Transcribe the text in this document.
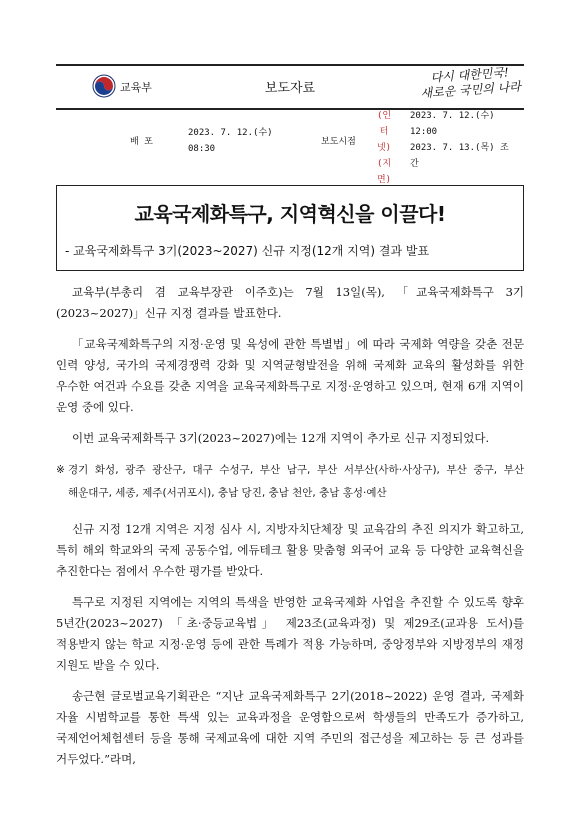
교육부	보도자료
다시 대한민국!
새로운 국민의 나라
배 포
2023. 7. 12.(수)
08:30
보도시점
(인 터
넷)
(지
면)
2023. 7. 12.(수)
12:00
2023. 7. 13.(목) 조
간
교육국제화특구, 지역혁신을 이끌다!
- 교육국제화특구 3기(2023~2027) 신규 지정(12개 지역) 결과 발표

교육부(부총리 겸 교육부장관 이주호)는 7월 13일(목), 「교육국제화특구 3기(2023~2027)」신규 지정 결과를 발표한다.

「교육국제화특구의 지정·운영 및 육성에 관한 특별법」에 따라 국제화 역량을 갖춘 전문 인력 양성, 국가의 국제경쟁력 강화 및 지역균형발전을 위해 국제화 교육의 활성화를 위한 우수한 여건과 수요를 갖춘 지역을 교육국제화특구로 지정·운영하고 있으며, 현재 6개 지역이 운영 중에 있다.

이번 교육국제화특구 3기(2023~2027)에는 12개 지역이 추가로 신규 지정되었다.

※ 경기 화성, 광주 광산구, 대구 수성구, 부산 남구, 부산 서부산(사하·사상구), 부산 중구, 부산 해운대구, 세종, 제주(서귀포시), 충남 당진, 충남 천안, 충남 홍성·예산

신규 지정 12개 지역은 지정 심사 시, 지방자치단체장 및 교육감의 추진 의지가 확고하고, 특히 해외 학교와의 국제 공동수업, 에듀테크 활용 맞춤형 외국어 교육 등 다양한 교육혁신을 추진한다는 점에서 우수한 평가를 받았다.

특구로 지정된 지역에는 지역의 특색을 반영한 교육국제화 사업을 추진할 수 있도록 향후 5년간(2023~2027) 「초·중등교육법」 제23조(교육과정) 및 제29조(교과용 도서)를 적용받지 않는 학교 지정·운영 등에 관한 특례가 적용 가능하며, 중앙정부와 지방정부의 재정 지원도 받을 수 있다.

송근현 글로벌교육기획관은 “지난 교육국제화특구 2기(2018~2022) 운영 결과, 국제화 자율 시범학교를 통한 특색 있는 교육과정을 운영함으로써 학생들의 만족도가 증가하고, 국제언어체험센터 등을 통해 국제교육에 대한 지역 주민의 접근성을 제고하는 등 큰 성과를 거두었다.”라며,
